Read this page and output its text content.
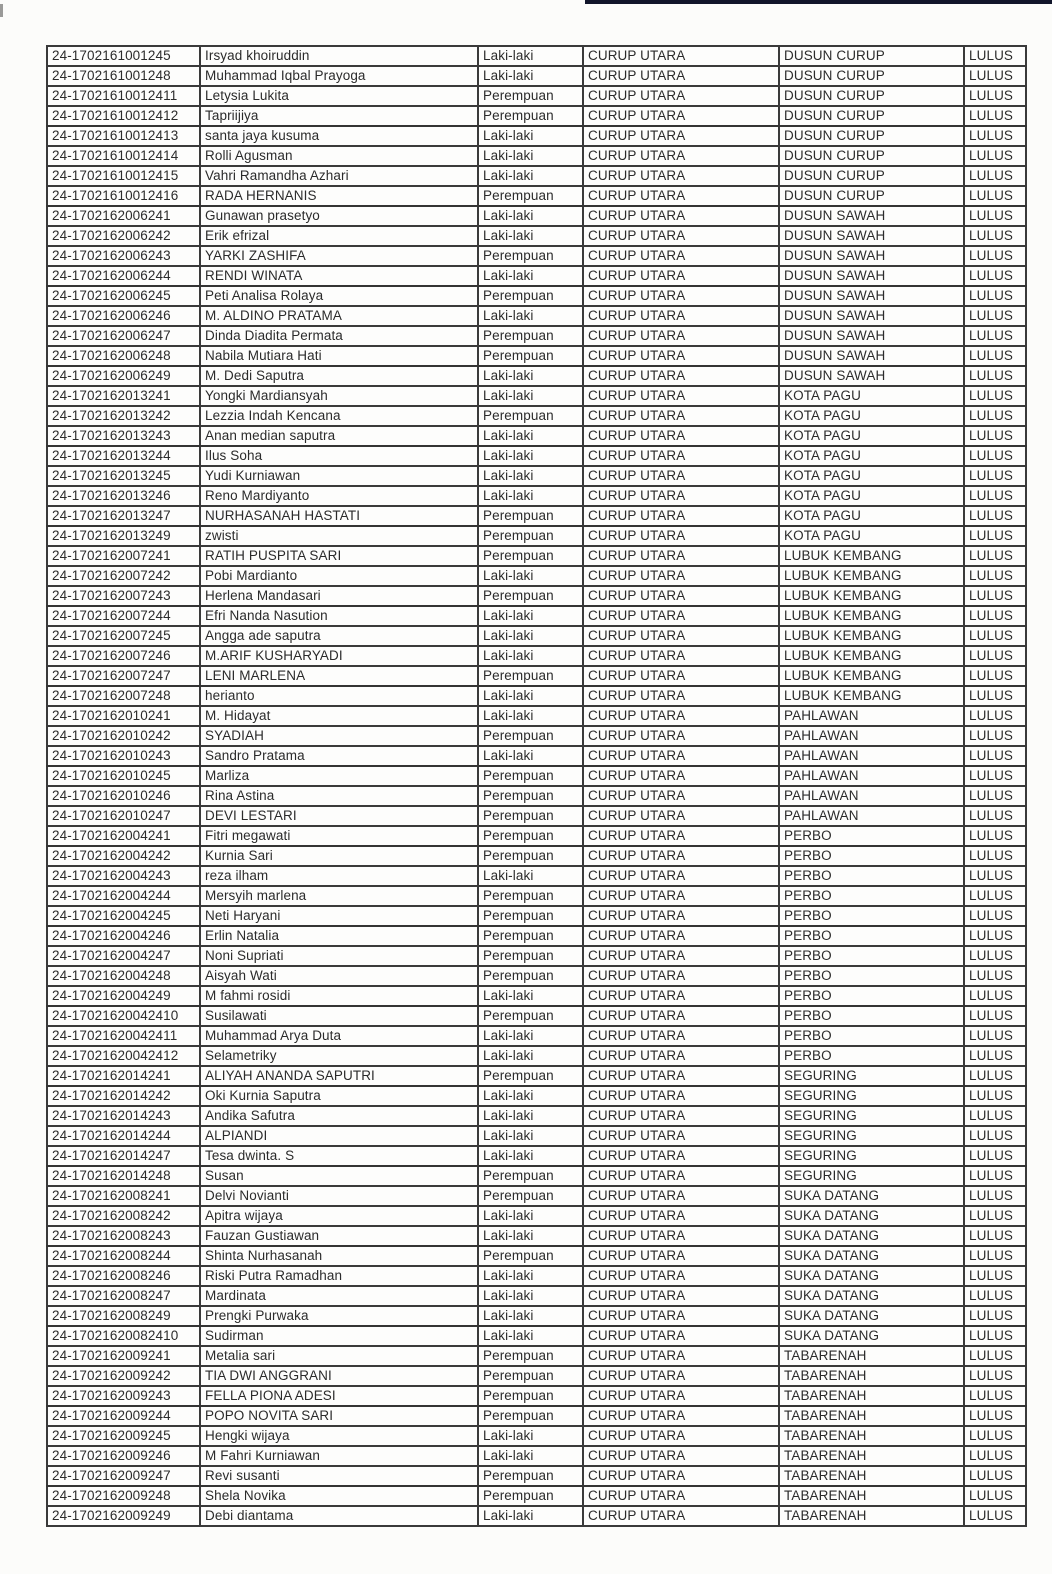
24-1702161001245	Irsyad khoiruddin	Laki-laki	CURUP UTARA	DUSUN CURUP	LULUS
24-1702161001248	Muhammad Iqbal Prayoga	Laki-laki	CURUP UTARA	DUSUN CURUP	LULUS
24-17021610012411	Letysia Lukita	Perempuan	CURUP UTARA	DUSUN CURUP	LULUS
24-17021610012412	Tapriijiya	Perempuan	CURUP UTARA	DUSUN CURUP	LULUS
24-17021610012413	santa jaya kusuma	Laki-laki	CURUP UTARA	DUSUN CURUP	LULUS
24-17021610012414	Rolli Agusman	Laki-laki	CURUP UTARA	DUSUN CURUP	LULUS
24-17021610012415	Vahri Ramandha Azhari	Laki-laki	CURUP UTARA	DUSUN CURUP	LULUS
24-17021610012416	RADA HERNANIS	Perempuan	CURUP UTARA	DUSUN CURUP	LULUS
24-1702162006241	Gunawan prasetyo	Laki-laki	CURUP UTARA	DUSUN SAWAH	LULUS
24-1702162006242	Erik efrizal	Laki-laki	CURUP UTARA	DUSUN SAWAH	LULUS
24-1702162006243	YARKI ZASHIFA	Perempuan	CURUP UTARA	DUSUN SAWAH	LULUS
24-1702162006244	RENDI WINATA	Laki-laki	CURUP UTARA	DUSUN SAWAH	LULUS
24-1702162006245	Peti Analisa Rolaya	Perempuan	CURUP UTARA	DUSUN SAWAH	LULUS
24-1702162006246	M. ALDINO PRATAMA	Laki-laki	CURUP UTARA	DUSUN SAWAH	LULUS
24-1702162006247	Dinda Diadita Permata	Perempuan	CURUP UTARA	DUSUN SAWAH	LULUS
24-1702162006248	Nabila Mutiara Hati	Perempuan	CURUP UTARA	DUSUN SAWAH	LULUS
24-1702162006249	M. Dedi Saputra	Laki-laki	CURUP UTARA	DUSUN SAWAH	LULUS
24-1702162013241	Yongki Mardiansyah	Laki-laki	CURUP UTARA	KOTA PAGU	LULUS
24-1702162013242	Lezzia Indah Kencana	Perempuan	CURUP UTARA	KOTA PAGU	LULUS
24-1702162013243	Anan median saputra	Laki-laki	CURUP UTARA	KOTA PAGU	LULUS
24-1702162013244	Ilus Soha	Laki-laki	CURUP UTARA	KOTA PAGU	LULUS
24-1702162013245	Yudi Kurniawan	Laki-laki	CURUP UTARA	KOTA PAGU	LULUS
24-1702162013246	Reno Mardiyanto	Laki-laki	CURUP UTARA	KOTA PAGU	LULUS
24-1702162013247	NURHASANAH HASTATI	Perempuan	CURUP UTARA	KOTA PAGU	LULUS
24-1702162013249	zwisti	Perempuan	CURUP UTARA	KOTA PAGU	LULUS
24-1702162007241	RATIH PUSPITA SARI	Perempuan	CURUP UTARA	LUBUK KEMBANG	LULUS
24-1702162007242	Pobi Mardianto	Laki-laki	CURUP UTARA	LUBUK KEMBANG	LULUS
24-1702162007243	Herlena Mandasari	Perempuan	CURUP UTARA	LUBUK KEMBANG	LULUS
24-1702162007244	Efri Nanda Nasution	Laki-laki	CURUP UTARA	LUBUK KEMBANG	LULUS
24-1702162007245	Angga ade saputra	Laki-laki	CURUP UTARA	LUBUK KEMBANG	LULUS
24-1702162007246	M.ARIF KUSHARYADI	Laki-laki	CURUP UTARA	LUBUK KEMBANG	LULUS
24-1702162007247	LENI MARLENA	Perempuan	CURUP UTARA	LUBUK KEMBANG	LULUS
24-1702162007248	herianto	Laki-laki	CURUP UTARA	LUBUK KEMBANG	LULUS
24-1702162010241	M. Hidayat	Laki-laki	CURUP UTARA	PAHLAWAN	LULUS
24-1702162010242	SYADIAH	Perempuan	CURUP UTARA	PAHLAWAN	LULUS
24-1702162010243	Sandro Pratama	Laki-laki	CURUP UTARA	PAHLAWAN	LULUS
24-1702162010245	Marliza	Perempuan	CURUP UTARA	PAHLAWAN	LULUS
24-1702162010246	Rina Astina	Perempuan	CURUP UTARA	PAHLAWAN	LULUS
24-1702162010247	DEVI LESTARI	Perempuan	CURUP UTARA	PAHLAWAN	LULUS
24-1702162004241	Fitri megawati	Perempuan	CURUP UTARA	PERBO	LULUS
24-1702162004242	Kurnia Sari	Perempuan	CURUP UTARA	PERBO	LULUS
24-1702162004243	reza ilham	Laki-laki	CURUP UTARA	PERBO	LULUS
24-1702162004244	Mersyih marlena	Perempuan	CURUP UTARA	PERBO	LULUS
24-1702162004245	Neti Haryani	Perempuan	CURUP UTARA	PERBO	LULUS
24-1702162004246	Erlin Natalia	Perempuan	CURUP UTARA	PERBO	LULUS
24-1702162004247	Noni Supriati	Perempuan	CURUP UTARA	PERBO	LULUS
24-1702162004248	Aisyah Wati	Perempuan	CURUP UTARA	PERBO	LULUS
24-1702162004249	M fahmi rosidi	Laki-laki	CURUP UTARA	PERBO	LULUS
24-17021620042410	Susilawati	Perempuan	CURUP UTARA	PERBO	LULUS
24-17021620042411	Muhammad Arya Duta	Laki-laki	CURUP UTARA	PERBO	LULUS
24-17021620042412	Selametriky	Laki-laki	CURUP UTARA	PERBO	LULUS
24-1702162014241	ALIYAH ANANDA SAPUTRI	Perempuan	CURUP UTARA	SEGURING	LULUS
24-1702162014242	Oki Kurnia Saputra	Laki-laki	CURUP UTARA	SEGURING	LULUS
24-1702162014243	Andika Safutra	Laki-laki	CURUP UTARA	SEGURING	LULUS
24-1702162014244	ALPIANDI	Laki-laki	CURUP UTARA	SEGURING	LULUS
24-1702162014247	Tesa dwinta. S	Laki-laki	CURUP UTARA	SEGURING	LULUS
24-1702162014248	Susan	Perempuan	CURUP UTARA	SEGURING	LULUS
24-1702162008241	Delvi Novianti	Perempuan	CURUP UTARA	SUKA DATANG	LULUS
24-1702162008242	Apitra wijaya	Laki-laki	CURUP UTARA	SUKA DATANG	LULUS
24-1702162008243	Fauzan Gustiawan	Laki-laki	CURUP UTARA	SUKA DATANG	LULUS
24-1702162008244	Shinta Nurhasanah	Perempuan	CURUP UTARA	SUKA DATANG	LULUS
24-1702162008246	Riski Putra Ramadhan	Laki-laki	CURUP UTARA	SUKA DATANG	LULUS
24-1702162008247	Mardinata	Laki-laki	CURUP UTARA	SUKA DATANG	LULUS
24-1702162008249	Prengki Purwaka	Laki-laki	CURUP UTARA	SUKA DATANG	LULUS
24-17021620082410	Sudirman	Laki-laki	CURUP UTARA	SUKA DATANG	LULUS
24-1702162009241	Metalia sari	Perempuan	CURUP UTARA	TABARENAH	LULUS
24-1702162009242	TIA DWI ANGGRANI	Perempuan	CURUP UTARA	TABARENAH	LULUS
24-1702162009243	FELLA PIONA ADESI	Perempuan	CURUP UTARA	TABARENAH	LULUS
24-1702162009244	POPO NOVITA SARI	Perempuan	CURUP UTARA	TABARENAH	LULUS
24-1702162009245	Hengki wijaya	Laki-laki	CURUP UTARA	TABARENAH	LULUS
24-1702162009246	M Fahri Kurniawan	Laki-laki	CURUP UTARA	TABARENAH	LULUS
24-1702162009247	Revi susanti	Perempuan	CURUP UTARA	TABARENAH	LULUS
24-1702162009248	Shela Novika	Perempuan	CURUP UTARA	TABARENAH	LULUS
24-1702162009249	Debi diantama	Laki-laki	CURUP UTARA	TABARENAH	LULUS
